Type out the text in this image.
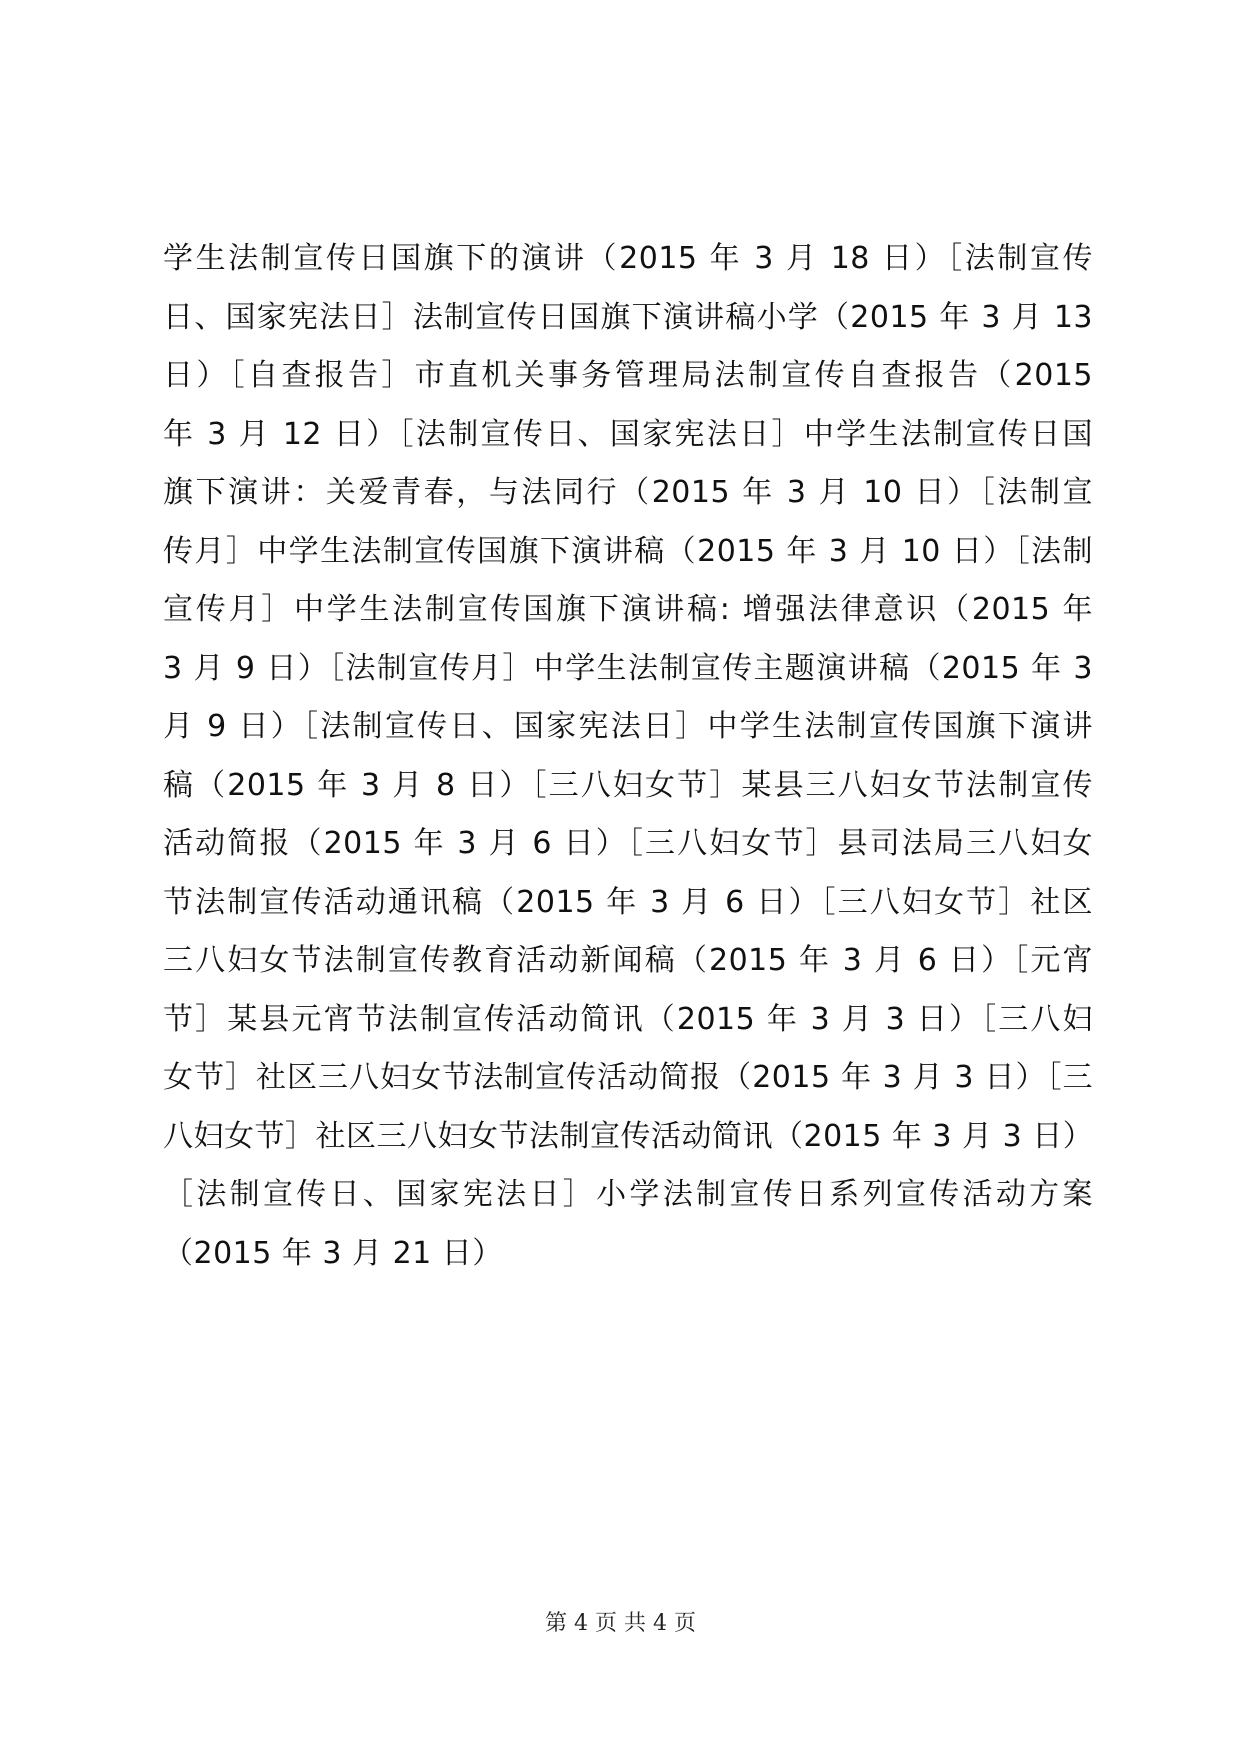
学生法制宣传日国旗下的演讲（2015 年 3 月 18 日）［法制宣传
日、国家宪法日］法制宣传日国旗下演讲稿小学（2015 年 3 月 13
日）［自查报告］市直机关事务管理局法制宣传自查报告（2015
年 3 月 12 日）［法制宣传日、国家宪法日］中学生法制宣传日国
旗下演讲：关爱青春，与法同行（2015 年 3 月 10 日）［法制宣
传月］中学生法制宣传国旗下演讲稿（2015 年 3 月 10 日）［法制
宣传月］中学生法制宣传国旗下演讲稿: 增强法律意识（2015 年
3 月 9 日）［法制宣传月］中学生法制宣传主题演讲稿（2015 年 3
月 9 日）［法制宣传日、国家宪法日］中学生法制宣传国旗下演讲
稿（2015 年 3 月 8 日）［三八妇女节］某县三八妇女节法制宣传
活动简报（2015 年 3 月 6 日）［三八妇女节］县司法局三八妇女
节法制宣传活动通讯稿（2015 年 3 月 6 日）［三八妇女节］社区
三八妇女节法制宣传教育活动新闻稿（2015 年 3 月 6 日）［元宵
节］某县元宵节法制宣传活动简讯（2015 年 3 月 3 日）［三八妇
女节］社区三八妇女节法制宣传活动简报（2015 年 3 月 3 日）［三
八妇女节］社区三八妇女节法制宣传活动简讯（2015 年 3 月 3 日）
［法制宣传日、国家宪法日］小学法制宣传日系列宣传活动方案
（2015 年 3 月 21 日）
第 4 页 共 4 页
